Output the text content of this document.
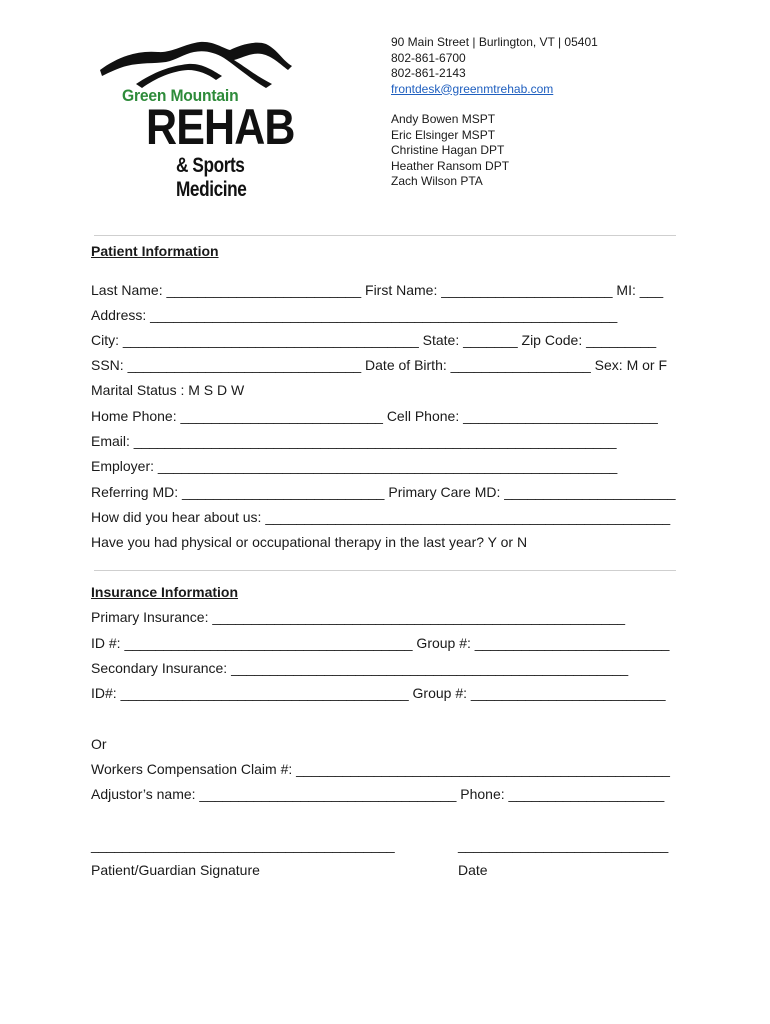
Green Mountain
REHAB
& Sports Medicine
90 Main Street | Burlington, VT | 05401
802-861-6700
802-861-2143
frontdesk@greenmtrehab.com
Andy Bowen MSPT
Eric Elsinger MSPT
Christine Hagan DPT
Heather Ransom DPT
Zach Wilson PTA
Patient Information
Last Name: _________________________ First Name: ______________________ MI: ___
Address: ____________________________________________________________
City: ______________________________________ State: _______ Zip Code: _________
SSN: ______________________________ Date of Birth: __________________ Sex: M or F
Marital Status : M S D W
Home Phone: __________________________ Cell Phone: _________________________
Email: ______________________________________________________________
Employer: ___________________________________________________________
Referring MD: __________________________ Primary Care MD: ______________________
How did you hear about us: ____________________________________________________
Have you had physical or occupational therapy in the last year? Y or N
Insurance Information
Primary Insurance: _____________________________________________________
ID #: _____________________________________ Group #: _________________________
Secondary Insurance: ___________________________________________________
ID#: _____________________________________ Group #: _________________________
Or
Workers Compensation Claim #: ________________________________________________
Adjustor’s name: _________________________________ Phone: ____________________
_______________________________________	___________________________
Patient/Guardian Signature	Date
